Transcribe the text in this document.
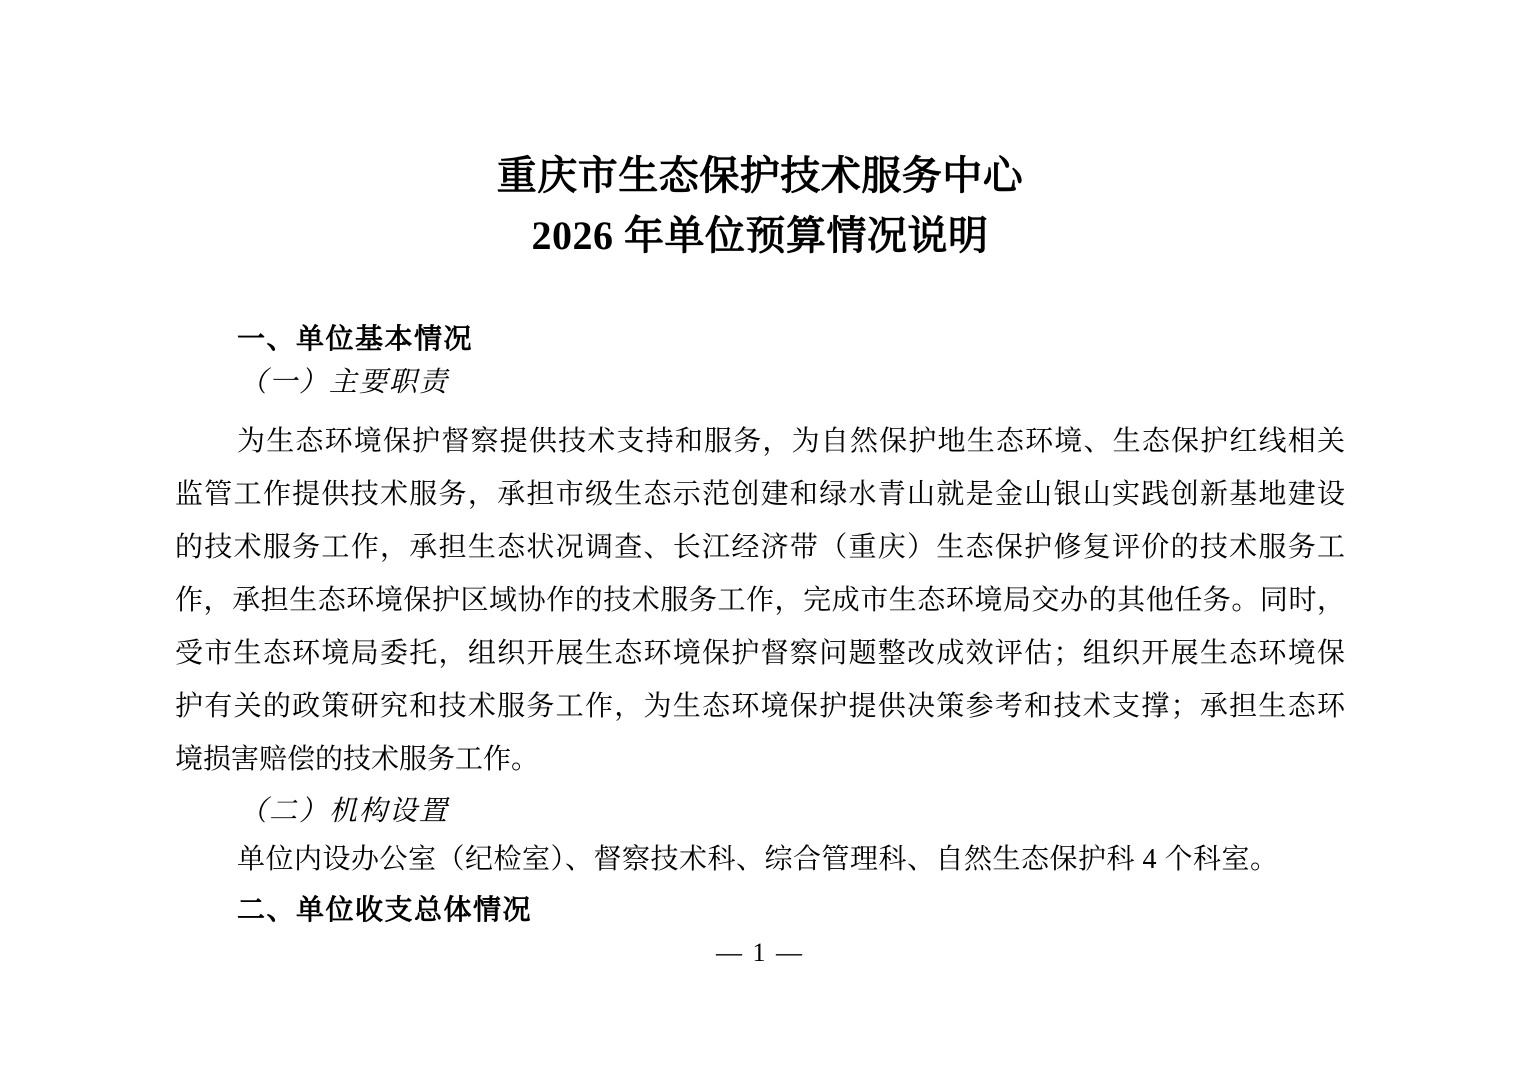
重庆市生态保护技术服务中心
2026 年单位预算情况说明
一、单位基本情况
（一）主要职责
为生态环境保护督察提供技术支持和服务，为自然保护地生态环境、生态保护红线相关
监管工作提供技术服务，承担市级生态示范创建和绿水青山就是金山银山实践创新基地建设
的技术服务工作，承担生态状况调查、长江经济带（重庆）生态保护修复评价的技术服务工
作，承担生态环境保护区域协作的技术服务工作，完成市生态环境局交办的其他任务。同时，
受市生态环境局委托，组织开展生态环境保护督察问题整改成效评估；组织开展生态环境保
护有关的政策研究和技术服务工作，为生态环境保护提供决策参考和技术支撑；承担生态环
境损害赔偿的技术服务工作。
（二）机构设置
单位内设办公室（纪检室）、督察技术科、综合管理科、自然生态保护科 4 个科室。
二、单位收支总体情况
— 1 —
